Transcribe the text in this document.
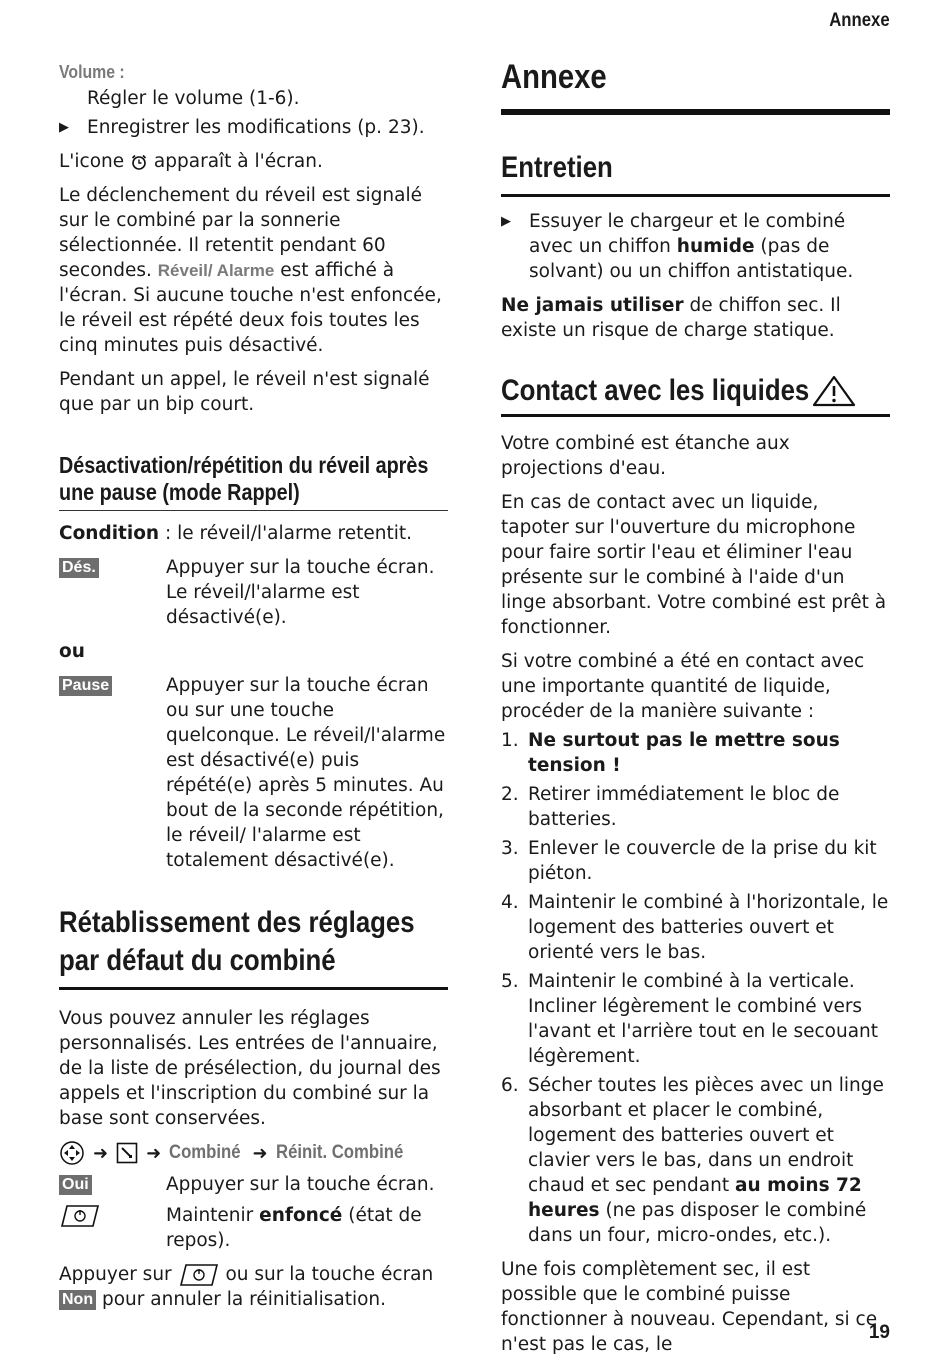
Annexe
Volume :

Régler le volume (1-6).

▶ Enregistrer les modifications (p. 23).

L'icone apparaît à l'écran.

Le déclenchement du réveil est signalé sur le combiné par la sonnerie sélectionnée. Il retentit pendant 60 secondes. Réveil/ Alarme est affiché à l'écran. Si aucune touche n'est enfoncée, le réveil est répété deux fois toutes les cinq minutes puis désactivé.

Pendant un appel, le réveil n'est signalé que par un bip court.

Désactivation/répétition du réveil après une pause (mode Rappel)

Condition : le réveil/l'alarme retentit.

Dés.	Appuyer sur la touche écran. Le réveil/l'alarme est désactivé(e).

ou

Pause	Appuyer sur la touche écran ou sur une touche quelconque. Le réveil/l'alarme est désactivé(e) puis répété(e) après 5 minutes. Au bout de la seconde répétition, le réveil/ l'alarme est totalement désactivé(e).
Rétablissement des réglages par défaut du combiné

Vous pouvez annuler les réglages personnalisés. Les entrées de l'annuaire, de la liste de présélection, du journal des appels et l'inscription du combiné sur la base sont conservées.

➜ ➜ Combiné ➜ Réinit. Combiné
Oui	Appuyer sur la touche écran.
Maintenir enfoncé (état de repos).

Appuyer sur	ou sur la touche écran Non pour annuler la réinitialisation.

Annexe
Entretien
▶ Essuyer le chargeur et le combiné avec un chiffon humide (pas de solvant) ou un chiffon antistatique.

Ne jamais utiliser de chiffon sec. Il existe un risque de charge statique.

Contact avec les liquides

Votre combiné est étanche aux projections d'eau.

En cas de contact avec un liquide, tapoter sur l'ouverture du microphone pour faire sortir l'eau et éliminer l'eau présente sur le combiné à l'aide d'un linge absorbant. Votre combiné est prêt à fonctionner.

Si votre combiné a été en contact avec une importante quantité de liquide, procéder de la manière suivante :

1. Ne surtout pas le mettre sous tension !
2. Retirer immédiatement le bloc de batteries.
3. Enlever le couvercle de la prise du kit piéton.
4. Maintenir le combiné à l'horizontale, le logement des batteries ouvert et orienté vers le bas.
5. Maintenir le combiné à la verticale. Incliner légèrement le combiné vers l'avant et l'arrière tout en le secouant légèrement.
6. Sécher toutes les pièces avec un linge absorbant et placer le combiné, logement des batteries ouvert et clavier vers le bas, dans un endroit chaud et sec pendant au moins 72 heures (ne pas disposer le combiné dans un four, micro-ondes, etc.).

Une fois complètement sec, il est possible que le combiné puisse fonctionner à nouveau. Cependant, si ce n'est pas le cas, le

19
